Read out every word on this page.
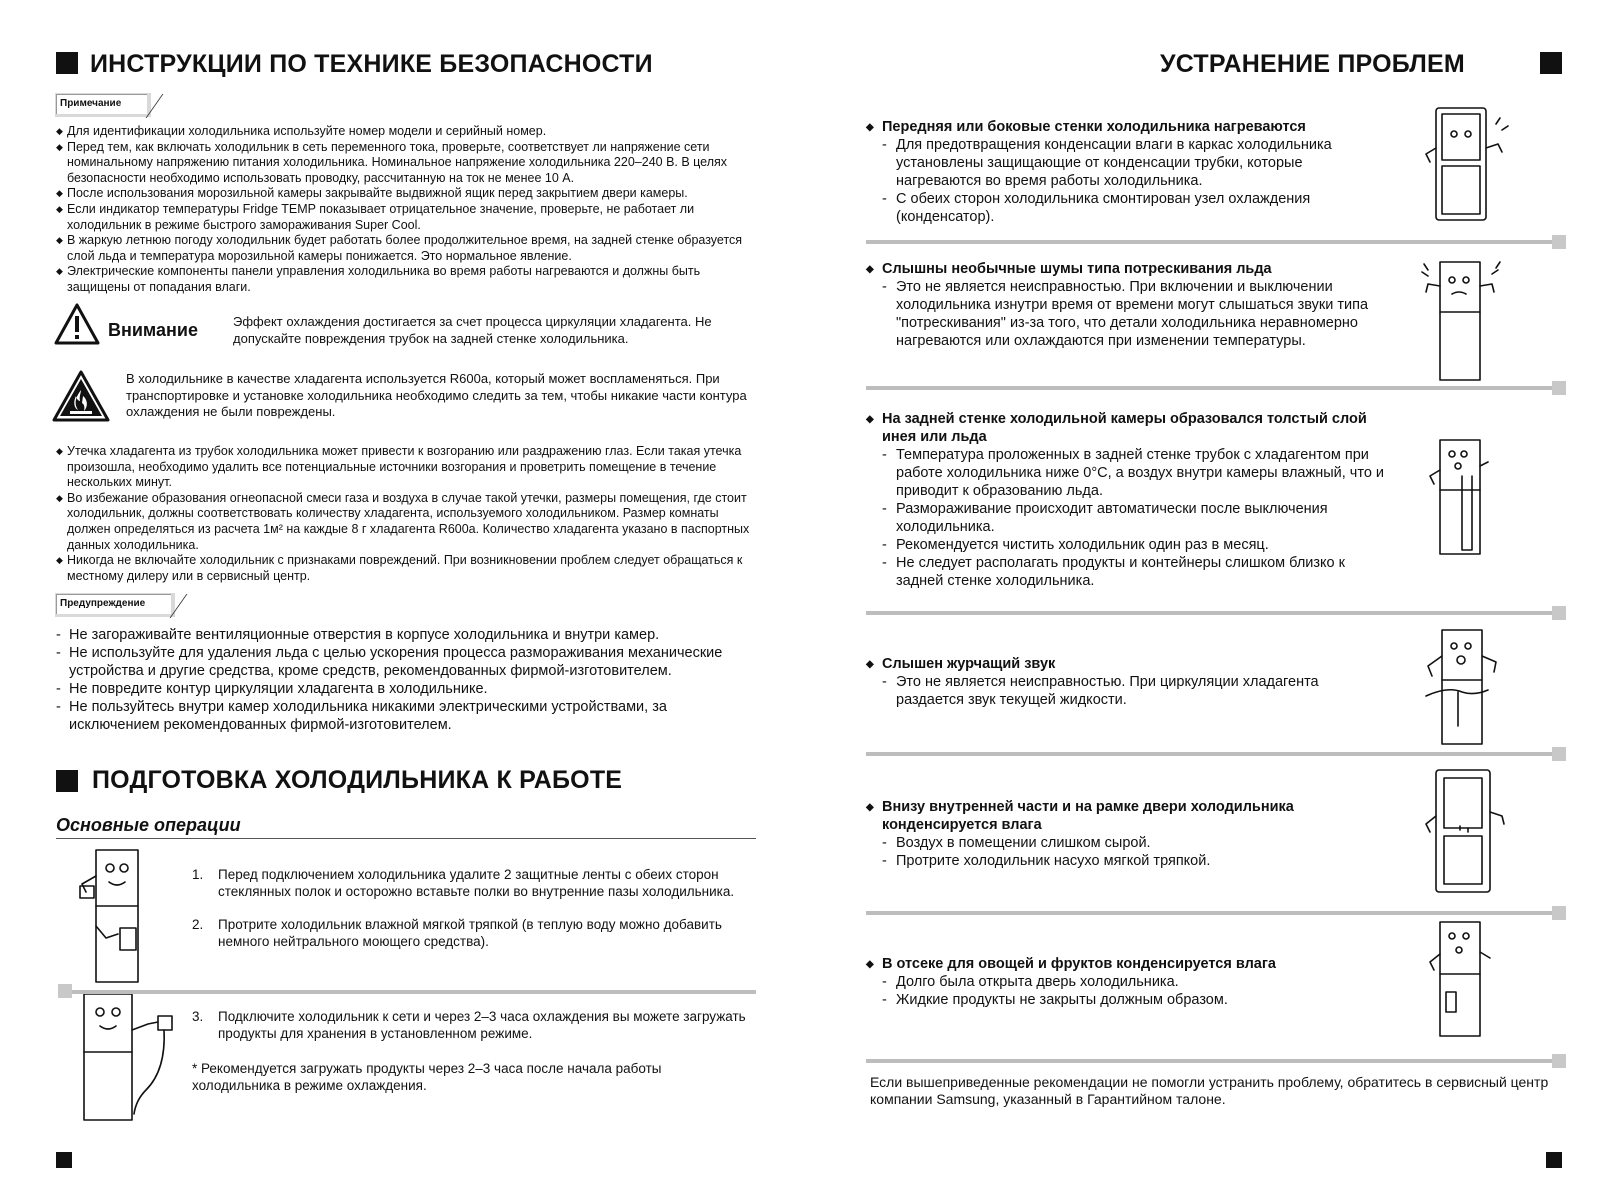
ИНСТРУКЦИИ ПО ТЕХНИКЕ БЕЗОПАСНОСТИ
Примечание
◆ Для идентификации холодильника используйте номер модели и серийный номер.
◆ Перед тем, как включать холодильник в сеть переменного тока, проверьте, соответствует ли напряжение сети номинальному напряжению питания холодильника. Номинальное напряжение холодильника 220–240 В. В целях безопасности необходимо использовать проводку, рассчитанную на ток не менее 10 А.
◆ После использования морозильной камеры закрывайте выдвижной ящик перед закрытием двери камеры.
◆ Если индикатор температуры Fridge TEMP показывает отрицательное значение, проверьте, не работает ли холодильник в режиме быстрого замораживания Super Cool.
◆ В жаркую летнюю погоду холодильник будет работать более продолжительное время, на задней стенке образуется слой льда и температура морозильной камеры понижается. Это нормальное явление.
◆ Электрические компоненты панели управления холодильника во время работы нагреваются и должны быть защищены от попадания влаги.
Внимание	Эффект охлаждения достигается за счет процесса циркуляции хладагента. Не допускайте повреждения трубок на задней стенке холодильника.
В холодильнике в качестве хладагента используется R600a, который может воспламеняться. При транспортировке и установке холодильника необходимо следить за тем, чтобы никакие части контура охлаждения не были повреждены.
◆ Утечка хладагента из трубок холодильника может привести к возгоранию или раздражению глаз. Если такая утечка произошла, необходимо удалить все потенциальные источники возгорания и проветрить помещение в течение нескольких минут.
◆ Во избежание образования огнеопасной смеси газа и воздуха в случае такой утечки, размеры помещения, где стоит холодильник, должны соответствовать количеству хладагента, используемого холодильником. Размер комнаты должен определяться из расчета 1м² на каждые 8 г хладагента R600a. Количество хладагента указано в паспортных данных холодильника.
◆ Никогда не включайте холодильник с признаками повреждений. При возникновении проблем следует обращаться к местному дилеру или в сервисный центр.
Предупреждение
- Не загораживайте вентиляционные отверстия в корпусе холодильника и внутри камер.
- Не используйте для удаления льда с целью ускорения процесса размораживания механические устройства и другие средства, кроме средств, рекомендованных фирмой-изготовителем.
- Не повредите контур циркуляции хладагента в холодильнике.
- Не пользуйтесь внутри камер холодильника никакими электрическими устройствами, за исключением рекомендованных фирмой-изготовителем.
ПОДГОТОВКА ХОЛОДИЛЬНИКА К РАБОТЕ
Основные операции
1. Перед подключением холодильника удалите 2 защитные ленты с обеих сторон стеклянных полок и осторожно вставьте полки во внутренние пазы холодильника.
2. Протрите холодильник влажной мягкой тряпкой (в теплую воду можно добавить немного нейтрального моющего средства).
3. Подключите холодильник к сети и через 2–3 часа охлаждения вы можете загружать продукты для хранения в установленном режиме.
* Рекомендуется загружать продукты через 2–3 часа после начала работы холодильника в режиме охлаждения.
УСТРАНЕНИЕ ПРОБЛЕМ
◆ Передняя или боковые стенки холодильника нагреваются
- Для предотвращения конденсации влаги в каркас холодильника установлены защищающие от конденсации трубки, которые нагреваются во время работы холодильника.
- С обеих сторон холодильника смонтирован узел охлаждения (конденсатор).
◆ Слышны необычные шумы типа потрескивания льда
- Это не является неисправностью. При включении и выключении холодильника изнутри время от времени могут слышаться звуки типа "потрескивания" из-за того, что детали холодильника неравномерно нагреваются или охлаждаются при изменении температуры.
◆ На задней стенке холодильной камеры образовался толстый слой инея или льда
- Температура проложенных в задней стенке трубок с хладагентом при работе холодильника ниже 0°С, а воздух внутри камеры влажный, что и приводит к образованию льда.
- Размораживание происходит автоматически после выключения холодильника.
- Рекомендуется чистить холодильник один раз в месяц.
- Не следует располагать продукты и контейнеры слишком близко к задней стенке холодильника.
◆ Слышен журчащий звук
- Это не является неисправностью. При циркуляции хладагента раздается звук текущей жидкости.
◆ Внизу внутренней части и на рамке двери холодильника конденсируется влага
- Воздух в помещении слишком сырой.
- Протрите холодильник насухо мягкой тряпкой.
◆ В отсеке для овощей и фруктов конденсируется влага
- Долго была открыта дверь холодильника.
- Жидкие продукты не закрыты должным образом.
Если вышеприведенные рекомендации не помогли устранить проблему, обратитесь в сервисный центр компании Samsung, указанный в Гарантийном талоне.
